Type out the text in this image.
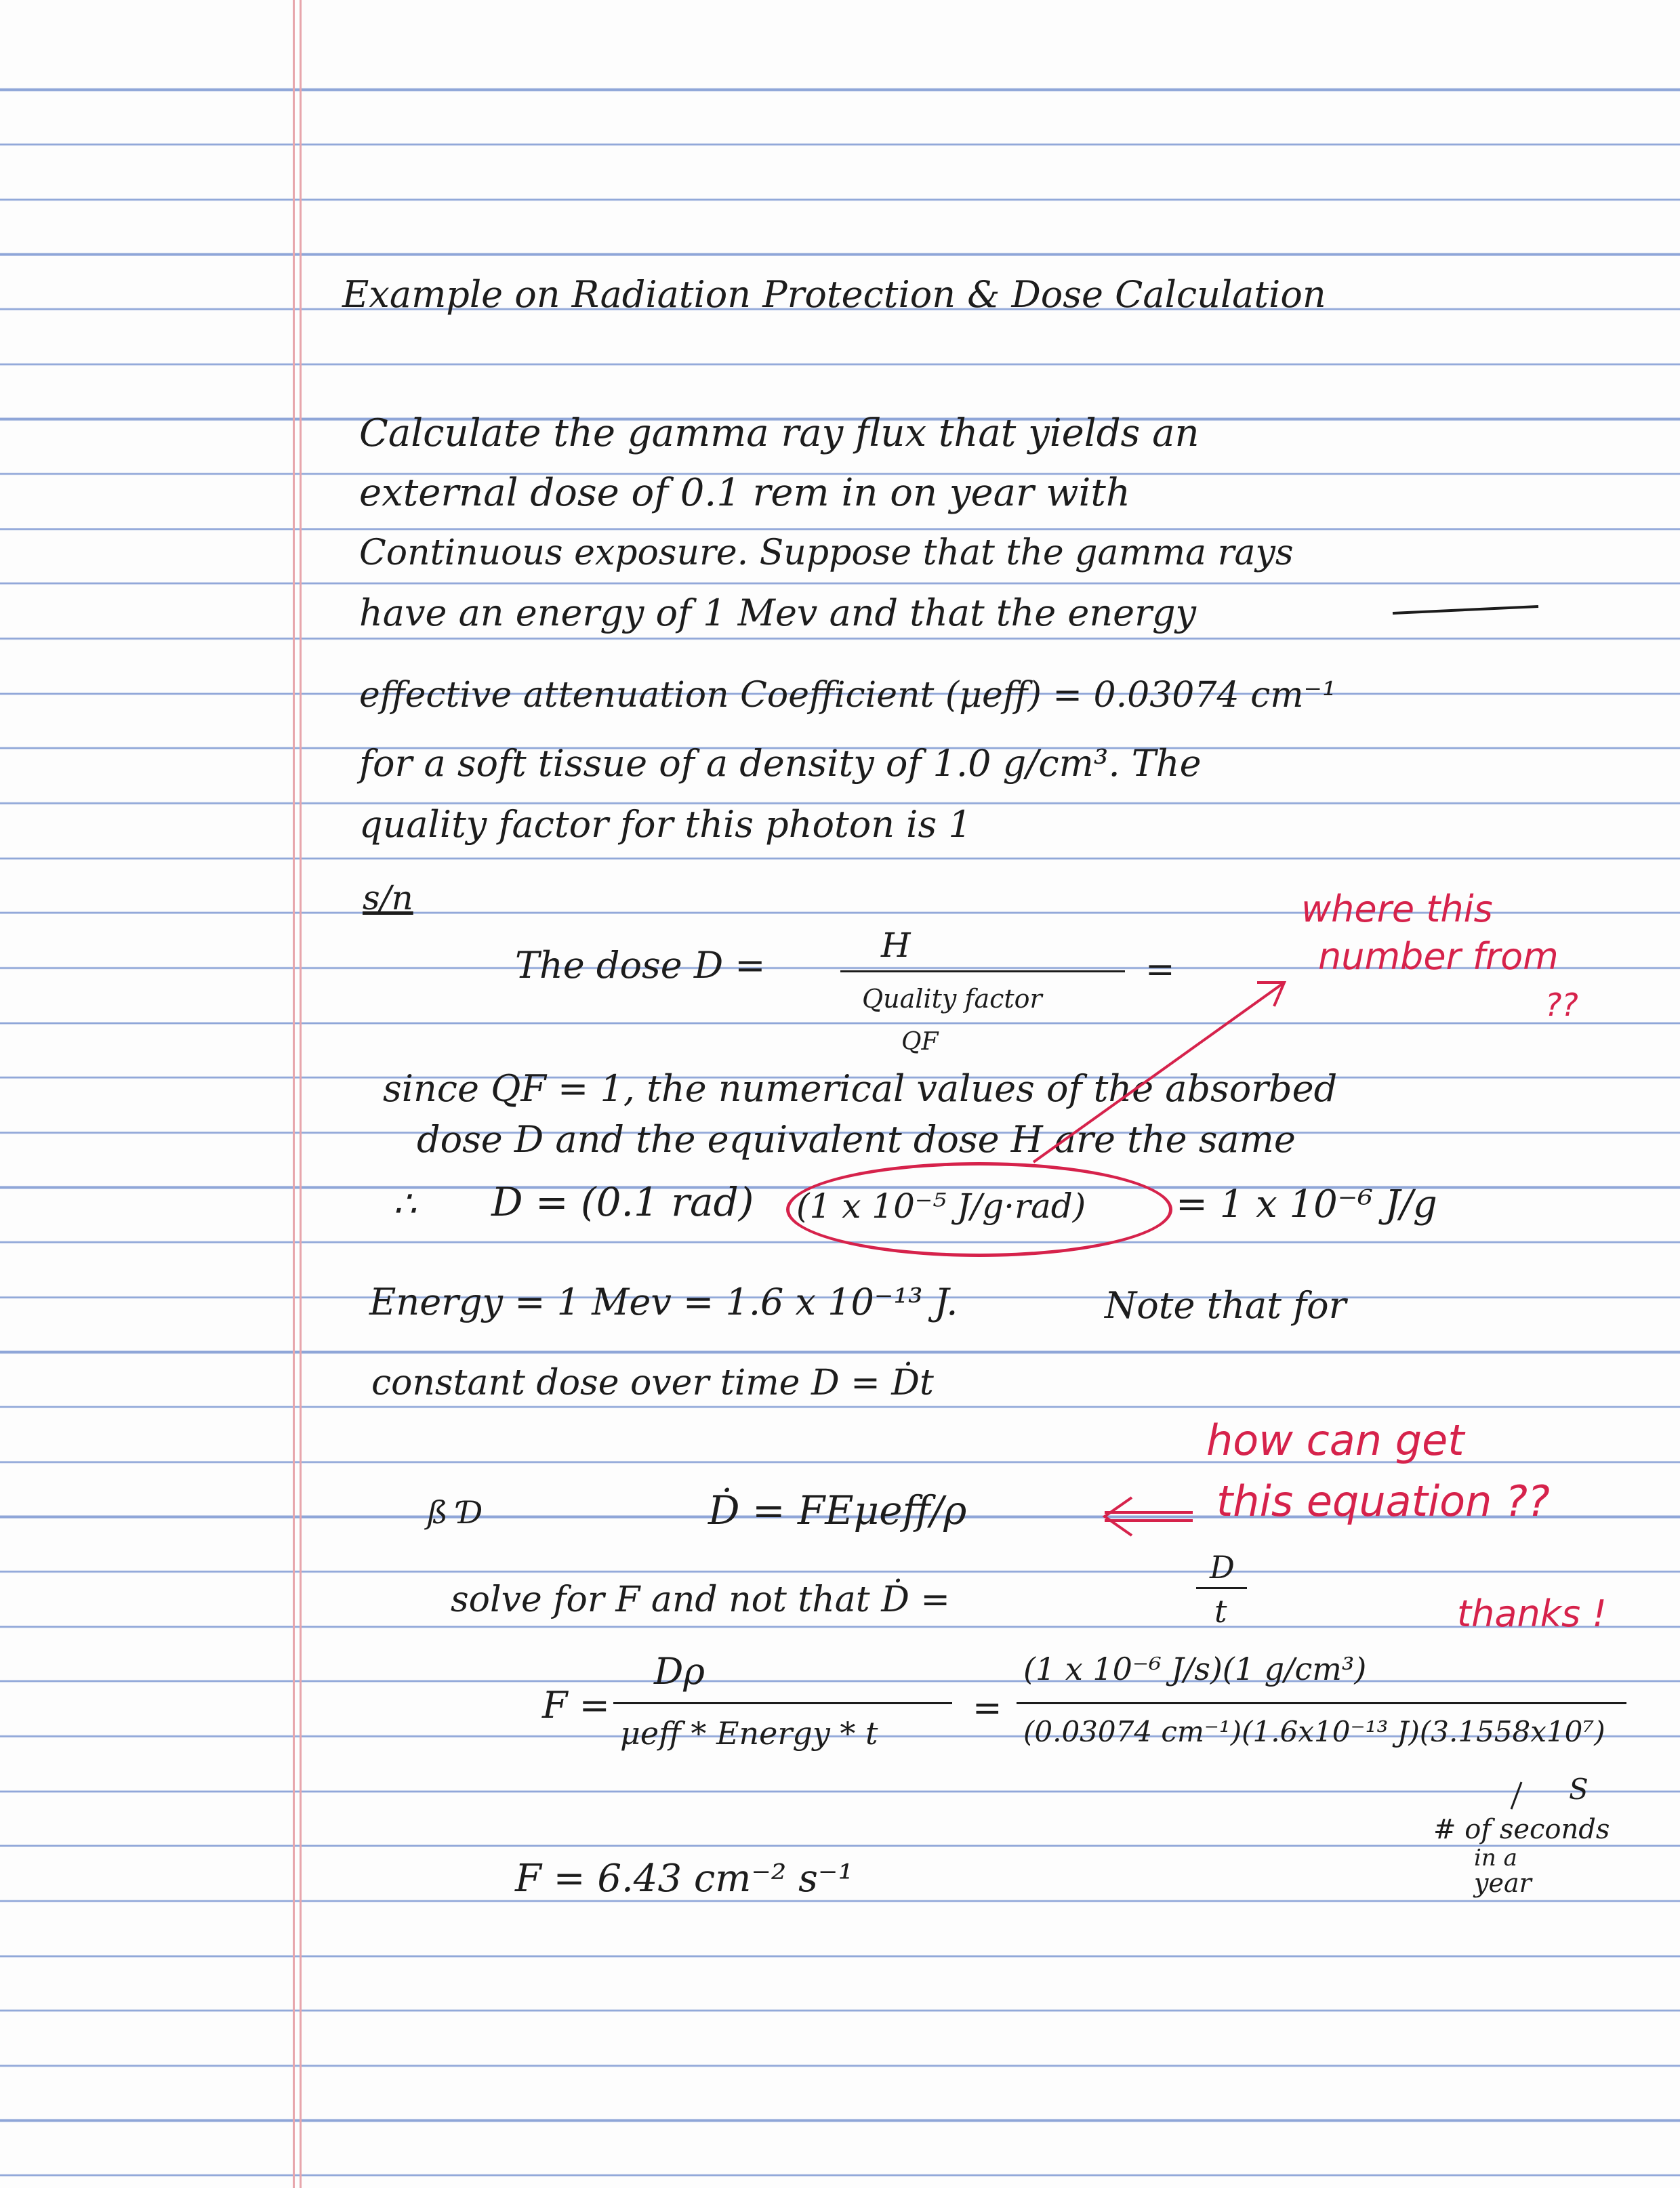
Example on Radiation Protection & Dose Calculation
Calculate the gamma ray flux that yields an
external dose of 0.1 rem in on year with
Continuous exposure. Suppose that the gamma rays
have an energy of 1 Mev and that the energy
effective attenuation Coefficient (μeff) = 0.03074 cm⁻¹
for a soft tissue of a density of 1.0 g/cm³. The
quality factor for this photon is 1
s/n
The dose D =	H
Quality factor
QF
=
since QF = 1, the numerical values of the absorbed
dose D and the equivalent dose H are the same
∴ D = (0.1 rad) (1 x 10⁻⁵ J/g·rad) = 1 x 10⁻⁶ J/g
Energy = 1 Mev = 1.6 x 10⁻¹³ J.	Note that for
constant dose over time D = Ḋt
Ḋ = FEμeff/ρ
solve for F and not that Ḋ =
D
t
F =
Dρ
μeff * Energy * t
=
(1 x 10⁻⁶ J/s)(1 g/cm³)
(0.03074 cm⁻¹)(1.6x10⁻¹³ J)(3.1558x10⁷)
S
# of seconds
in a
year
F = 6.43 cm⁻² s⁻¹
where this
number from
??
how can get
this equation ??
thanks !
ß Ɗ
